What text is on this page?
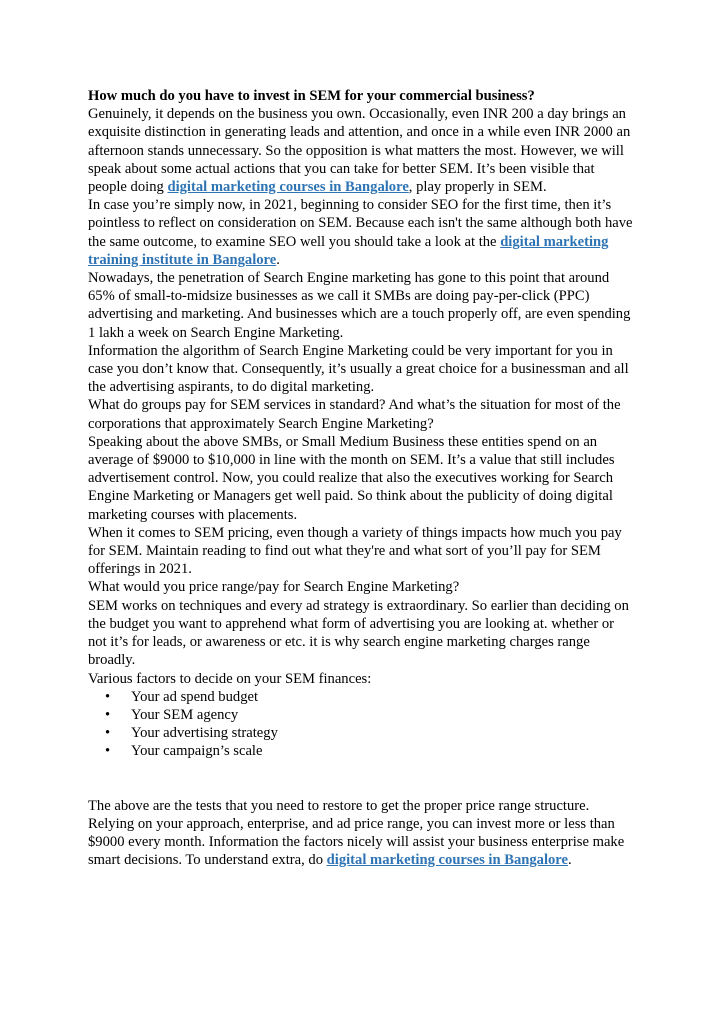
How much do you have to invest in SEM for your commercial business?

Genuinely, it depends on the business you own. Occasionally, even INR 200 a day brings an exquisite distinction in generating leads and attention, and once in a while even INR 2000 an afternoon stands unnecessary. So the opposition is what matters the most. However, we will speak about some actual actions that you can take for better SEM. It’s been visible that people doing digital marketing courses in Bangalore, play properly in SEM.

In case you’re simply now, in 2021, beginning to consider SEO for the first time, then it’s pointless to reflect on consideration on SEM. Because each isn't the same although both have the same outcome, to examine SEO well you should take a look at the digital marketing training institute in Bangalore.

Nowadays, the penetration of Search Engine marketing has gone to this point that around 65% of small-to-midsize businesses as we call it SMBs are doing pay-per-click (PPC) advertising and marketing. And businesses which are a touch properly off, are even spending 1 lakh a week on Search Engine Marketing.

Information the algorithm of Search Engine Marketing could be very important for you in case you don’t know that. Consequently, it’s usually a great choice for a businessman and all the advertising aspirants, to do digital marketing.

What do groups pay for SEM services in standard? And what’s the situation for most of the corporations that approximately Search Engine Marketing?

Speaking about the above SMBs, or Small Medium Business these entities spend on an average of $9000 to $10,000 in line with the month on SEM. It’s a value that still includes advertisement control. Now, you could realize that also the executives working for Search Engine Marketing or Managers get well paid. So think about the publicity of doing digital marketing courses with placements.

When it comes to SEM pricing, even though a variety of things impacts how much you pay for SEM. Maintain reading to find out what they're and what sort of you’ll pay for SEM offerings in 2021.

What would you price range/pay for Search Engine Marketing?

SEM works on techniques and every ad strategy is extraordinary. So earlier than deciding on the budget you want to apprehend what form of advertising you are looking at. whether or not it’s for leads, or awareness or etc. it is why search engine marketing charges range broadly.

Various factors to decide on your SEM finances:

• Your ad spend budget
• Your SEM agency
• Your advertising strategy
• Your campaign’s scale

The above are the tests that you need to restore to get the proper price range structure. Relying on your approach, enterprise, and ad price range, you can invest more or less than $9000 every month. Information the factors nicely will assist your business enterprise make smart decisions. To understand extra, do digital marketing courses in Bangalore.
